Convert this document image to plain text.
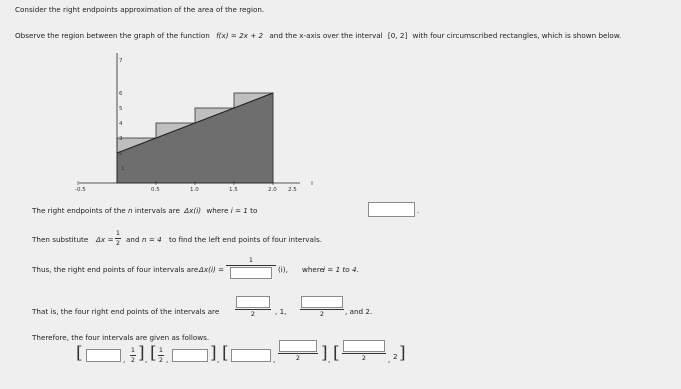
Consider the right endpoints approximation of the area of the region.
Observe the region between the graph of the function f(x) = 2x + 2 and the x-axis over the interval [0, 2] with four circumscribed rectangles, which is shown below.
-0.5	0.5	1.0	1.5	2.0 2.5
1
2
3
4
5
6
7
The right endpoints of the n intervals are Δx(i) where i = 1 to	.
Then substitute Δx =
1
2 and n = 4 to find the left end points of four intervals.
Thus, the right end points of four intervals are Δx(i) =
1
(i), where
i = 1 to 4.
That is, the four right end points of the intervals are	2	, 1,	2	, and 2.
Therefore, the four intervals are given as follows.
[	,
1
2 ] , [ 1
2 , ] , [	,	2 ] , [	2	, 2 ]
